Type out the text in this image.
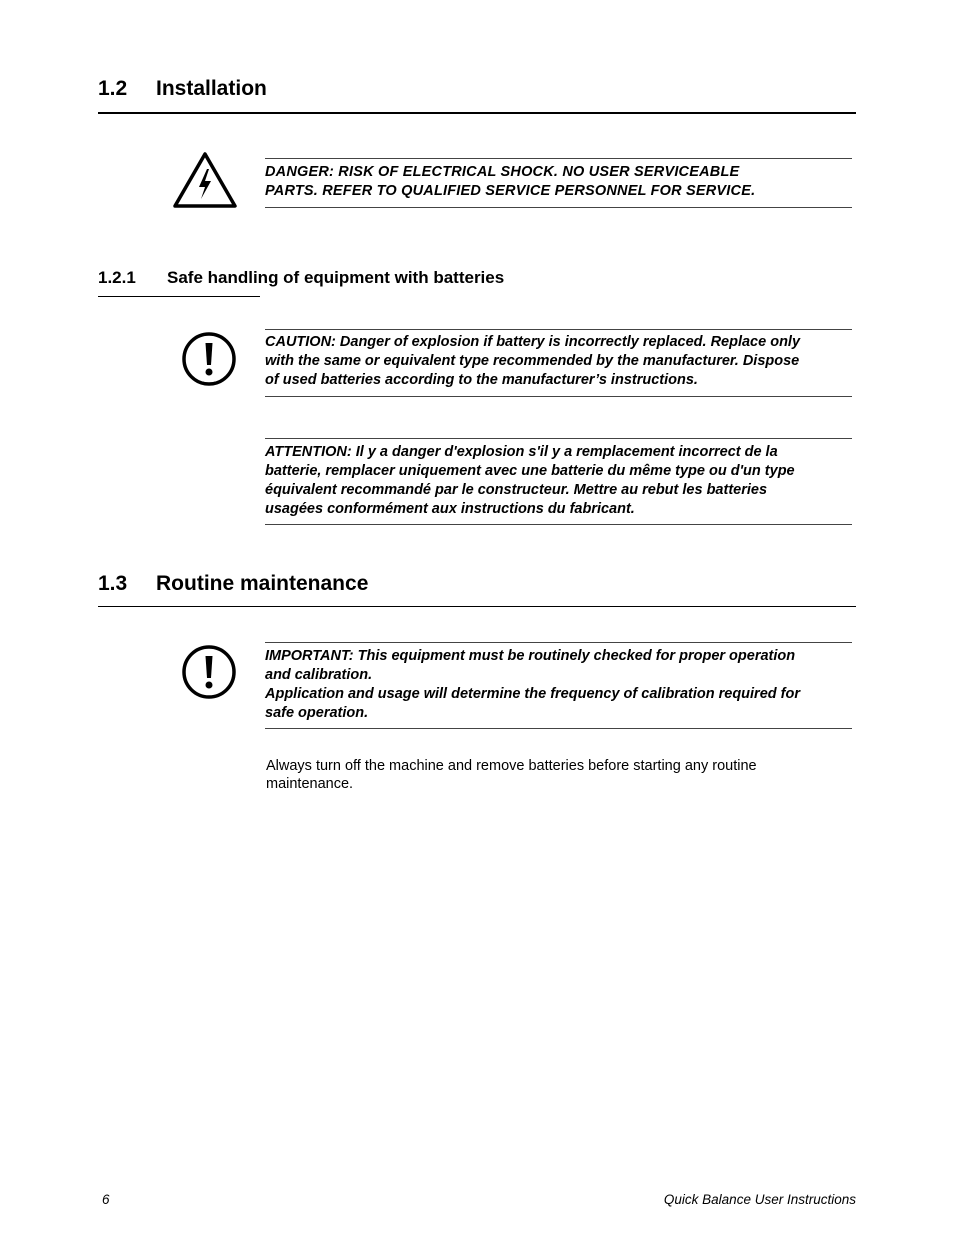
1.2 Installation

DANGER: RISK OF ELECTRICAL SHOCK. NO USER SERVICEABLE
PARTS. REFER TO QUALIFIED SERVICE PERSONNEL FOR SERVICE.

1.2.1 Safe handling of equipment with batteries

CAUTION: Danger of explosion if battery is incorrectly replaced. Replace only
with the same or equivalent type recommended by the manufacturer. Dispose
of used batteries according to the manufacturer’s instructions.

ATTENTION: Il y a danger d'explosion s'il y a remplacement incorrect de la
batterie, remplacer uniquement avec une batterie du même type ou d'un type
équivalent recommandé par le constructeur. Mettre au rebut les batteries
usagées conformément aux instructions du fabricant.

1.3 Routine maintenance

IMPORTANT: This equipment must be routinely checked for proper operation
and calibration.
Application and usage will determine the frequency of calibration required for
safe operation.

Always turn off the machine and remove batteries before starting any routine
maintenance.
6	Quick Balance User Instructions
